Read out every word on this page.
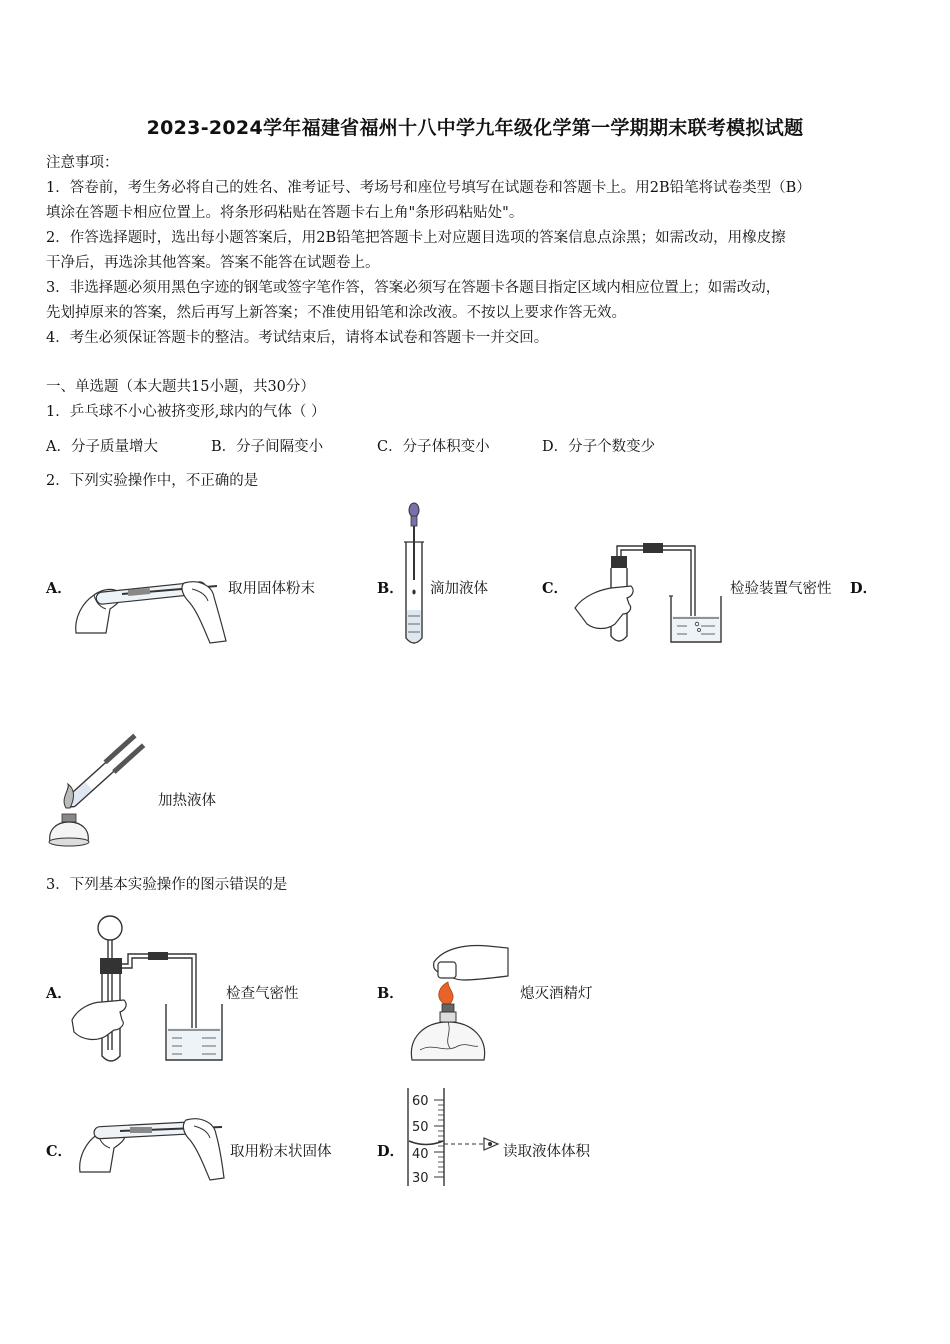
2023-2024学年福建省福州十八中学九年级化学第一学期期末联考模拟试题
注意事项：
1．答卷前，考生务必将自己的姓名、准考证号、考场号和座位号填写在试题卷和答题卡上。用2B铅笔将试卷类型（B）
填涂在答题卡相应位置上。将条形码粘贴在答题卡右上角"条形码粘贴处"。
2．作答选择题时，选出每小题答案后，用2B铅笔把答题卡上对应题目选项的答案信息点涂黑；如需改动，用橡皮擦
干净后，再选涂其他答案。答案不能答在试题卷上。
3．非选择题必须用黑色字迹的钢笔或签字笔作答，答案必须写在答题卡各题目指定区域内相应位置上；如需改动，
先划掉原来的答案，然后再写上新答案；不准使用铅笔和涂改液。不按以上要求作答无效。
4．考生必须保证答题卡的整洁。考试结束后，请将本试卷和答题卡一并交回。
一、单选题（本大题共15小题，共30分）
1．乒乓球不小心被挤变形,球内的气体（ ）
A．分子质量增大	B．分子间隔变小	C．分子体积变小	D．分子个数变少
2．下列实验操作中，不正确的是
A．	取用固体粉末	B． 滴加液体	C．	检验装置气密性 D．
加热液体
3．下列基本实验操作的图示错误的是
A．	检查气密性	B．	熄灭酒精灯
C．	取用粉末状固体	D．
60
50
40
30
读取液体体积
